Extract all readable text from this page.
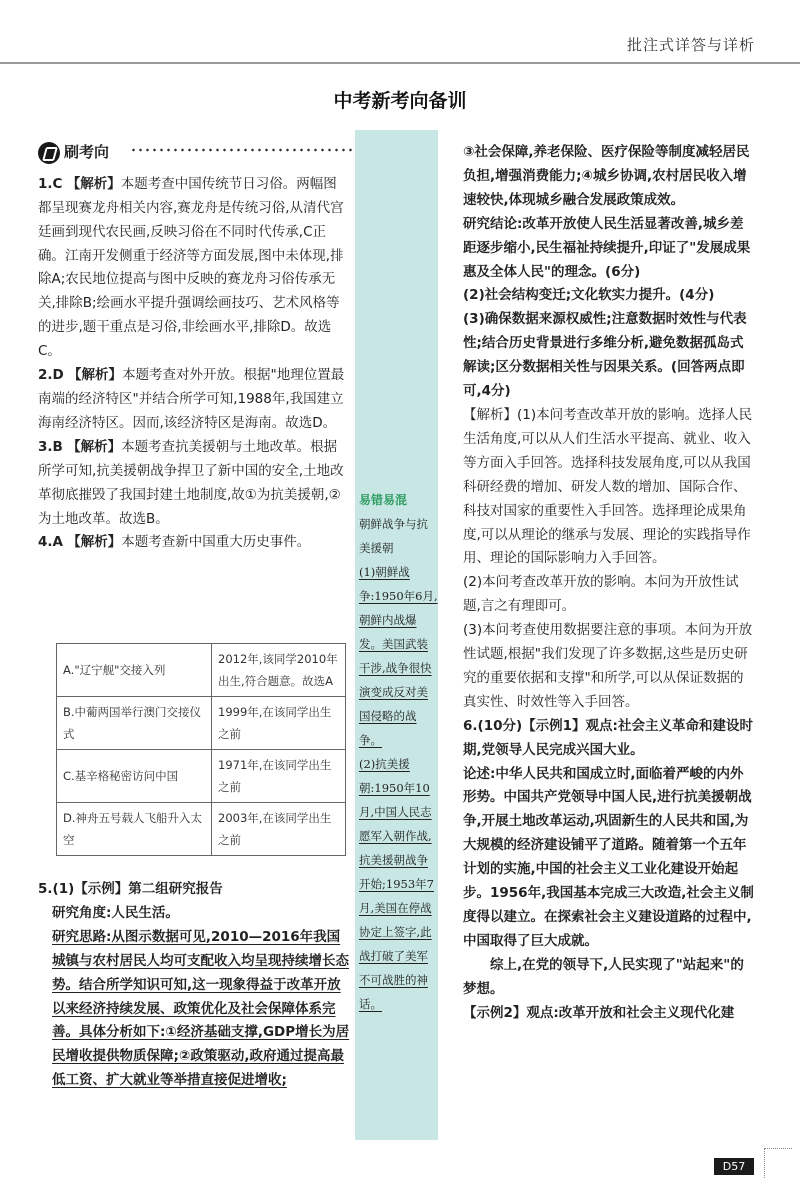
批注式详答与详析
中考新考向备训

刷考向

1.C 【解析】本题考查中国传统节日习俗。两幅图都呈现赛龙舟相关内容,赛龙舟是传统习俗,从清代宫廷画到现代农民画,反映习俗在不同时代传承,C正确。江南开发侧重于经济等方面发展,图中未体现,排除A;农民地位提高与图中反映的赛龙舟习俗传承无关,排除B;绘画水平提升强调绘画技巧、艺术风格等的进步,题干重点是习俗,非绘画水平,排除D。故选C。

2.D 【解析】本题考查对外开放。根据"地理位置最南端的经济特区"并结合所学可知,1988年,我国建立海南经济特区。因而,该经济特区是海南。故选D。

3.B 【解析】本题考查抗美援朝与土地改革。根据所学可知,抗美援朝战争捍卫了新中国的安全,土地改革彻底摧毁了我国封建土地制度,故①为抗美援朝,②为土地改革。故选B。

4.A 【解析】本题考查新中国重大历史事件。

A."辽宁舰"交接入列	2012年,该同学2010年出生,符合题意。故选A
B.中葡两国举行澳门交接仪式	1999年,在该同学出生之前
C.基辛格秘密访问中国	1971年,在该同学出生之前
D.神舟五号载人飞船升入太空	2003年,在该同学出生之前

5.(1)【示例】第二组研究报告

研究角度:人民生活。

研究思路:从图示数据可见,2010—2016年我国城镇与农村居民人均可支配收入均呈现持续增长态势。结合所学知识可知,这一现象得益于改革开放以来经济持续发展、政策优化及社会保障体系完善。具体分析如下:①经济基础支撑,GDP增长为居民增收提供物质保障;②政策驱动,政府通过提高最低工资、扩大就业等举措直接促进增收;

易错易混

朝鲜战争与抗美援朝

(1)朝鲜战争:1950年6月,朝鲜内战爆发。美国武装干涉,战争很快演变成反对美国侵略的战争。

(2)抗美援朝:1950年10月,中国人民志愿军入朝作战,抗美援朝战争开始;1953年7月,美国在停战协定上签字,此战打破了美军不可战胜的神话。

③社会保障,养老保险、医疗保险等制度减轻居民负担,增强消费能力;④城乡协调,农村居民收入增速较快,体现城乡融合发展政策成效。

研究结论:改革开放使人民生活显著改善,城乡差距逐步缩小,民生福祉持续提升,印证了"发展成果惠及全体人民"的理念。(6分)

(2)社会结构变迁;文化软实力提升。(4分)

(3)确保数据来源权威性;注意数据时效性与代表性;结合历史背景进行多维分析,避免数据孤岛式解读;区分数据相关性与因果关系。(回答两点即可,4分)

【解析】(1)本问考查改革开放的影响。选择人民生活角度,可以从人们生活水平提高、就业、收入等方面入手回答。选择科技发展角度,可以从我国科研经费的增加、研发人数的增加、国际合作、科技对国家的重要性入手回答。选择理论成果角度,可以从理论的继承与发展、理论的实践指导作用、理论的国际影响力入手回答。

(2)本问考查改革开放的影响。本问为开放性试题,言之有理即可。

(3)本问考查使用数据要注意的事项。本问为开放性试题,根据"我们发现了许多数据,这些是历史研究的重要依据和支撑"和所学,可以从保证数据的真实性、时效性等入手回答。

6.(10分)【示例1】观点:社会主义革命和建设时期,党领导人民完成兴国大业。

论述:中华人民共和国成立时,面临着严峻的内外形势。中国共产党领导中国人民,进行抗美援朝战争,开展土地改革运动,巩固新生的人民共和国,为大规模的经济建设铺平了道路。随着第一个五年计划的实施,中国的社会主义工业化建设开始起步。1956年,我国基本完成三大改造,社会主义制度得以建立。在探索社会主义建设道路的过程中,中国取得了巨大成就。

综上,在党的领导下,人民实现了"站起来"的梦想。

【示例2】观点:改革开放和社会主义现代化建

D57
